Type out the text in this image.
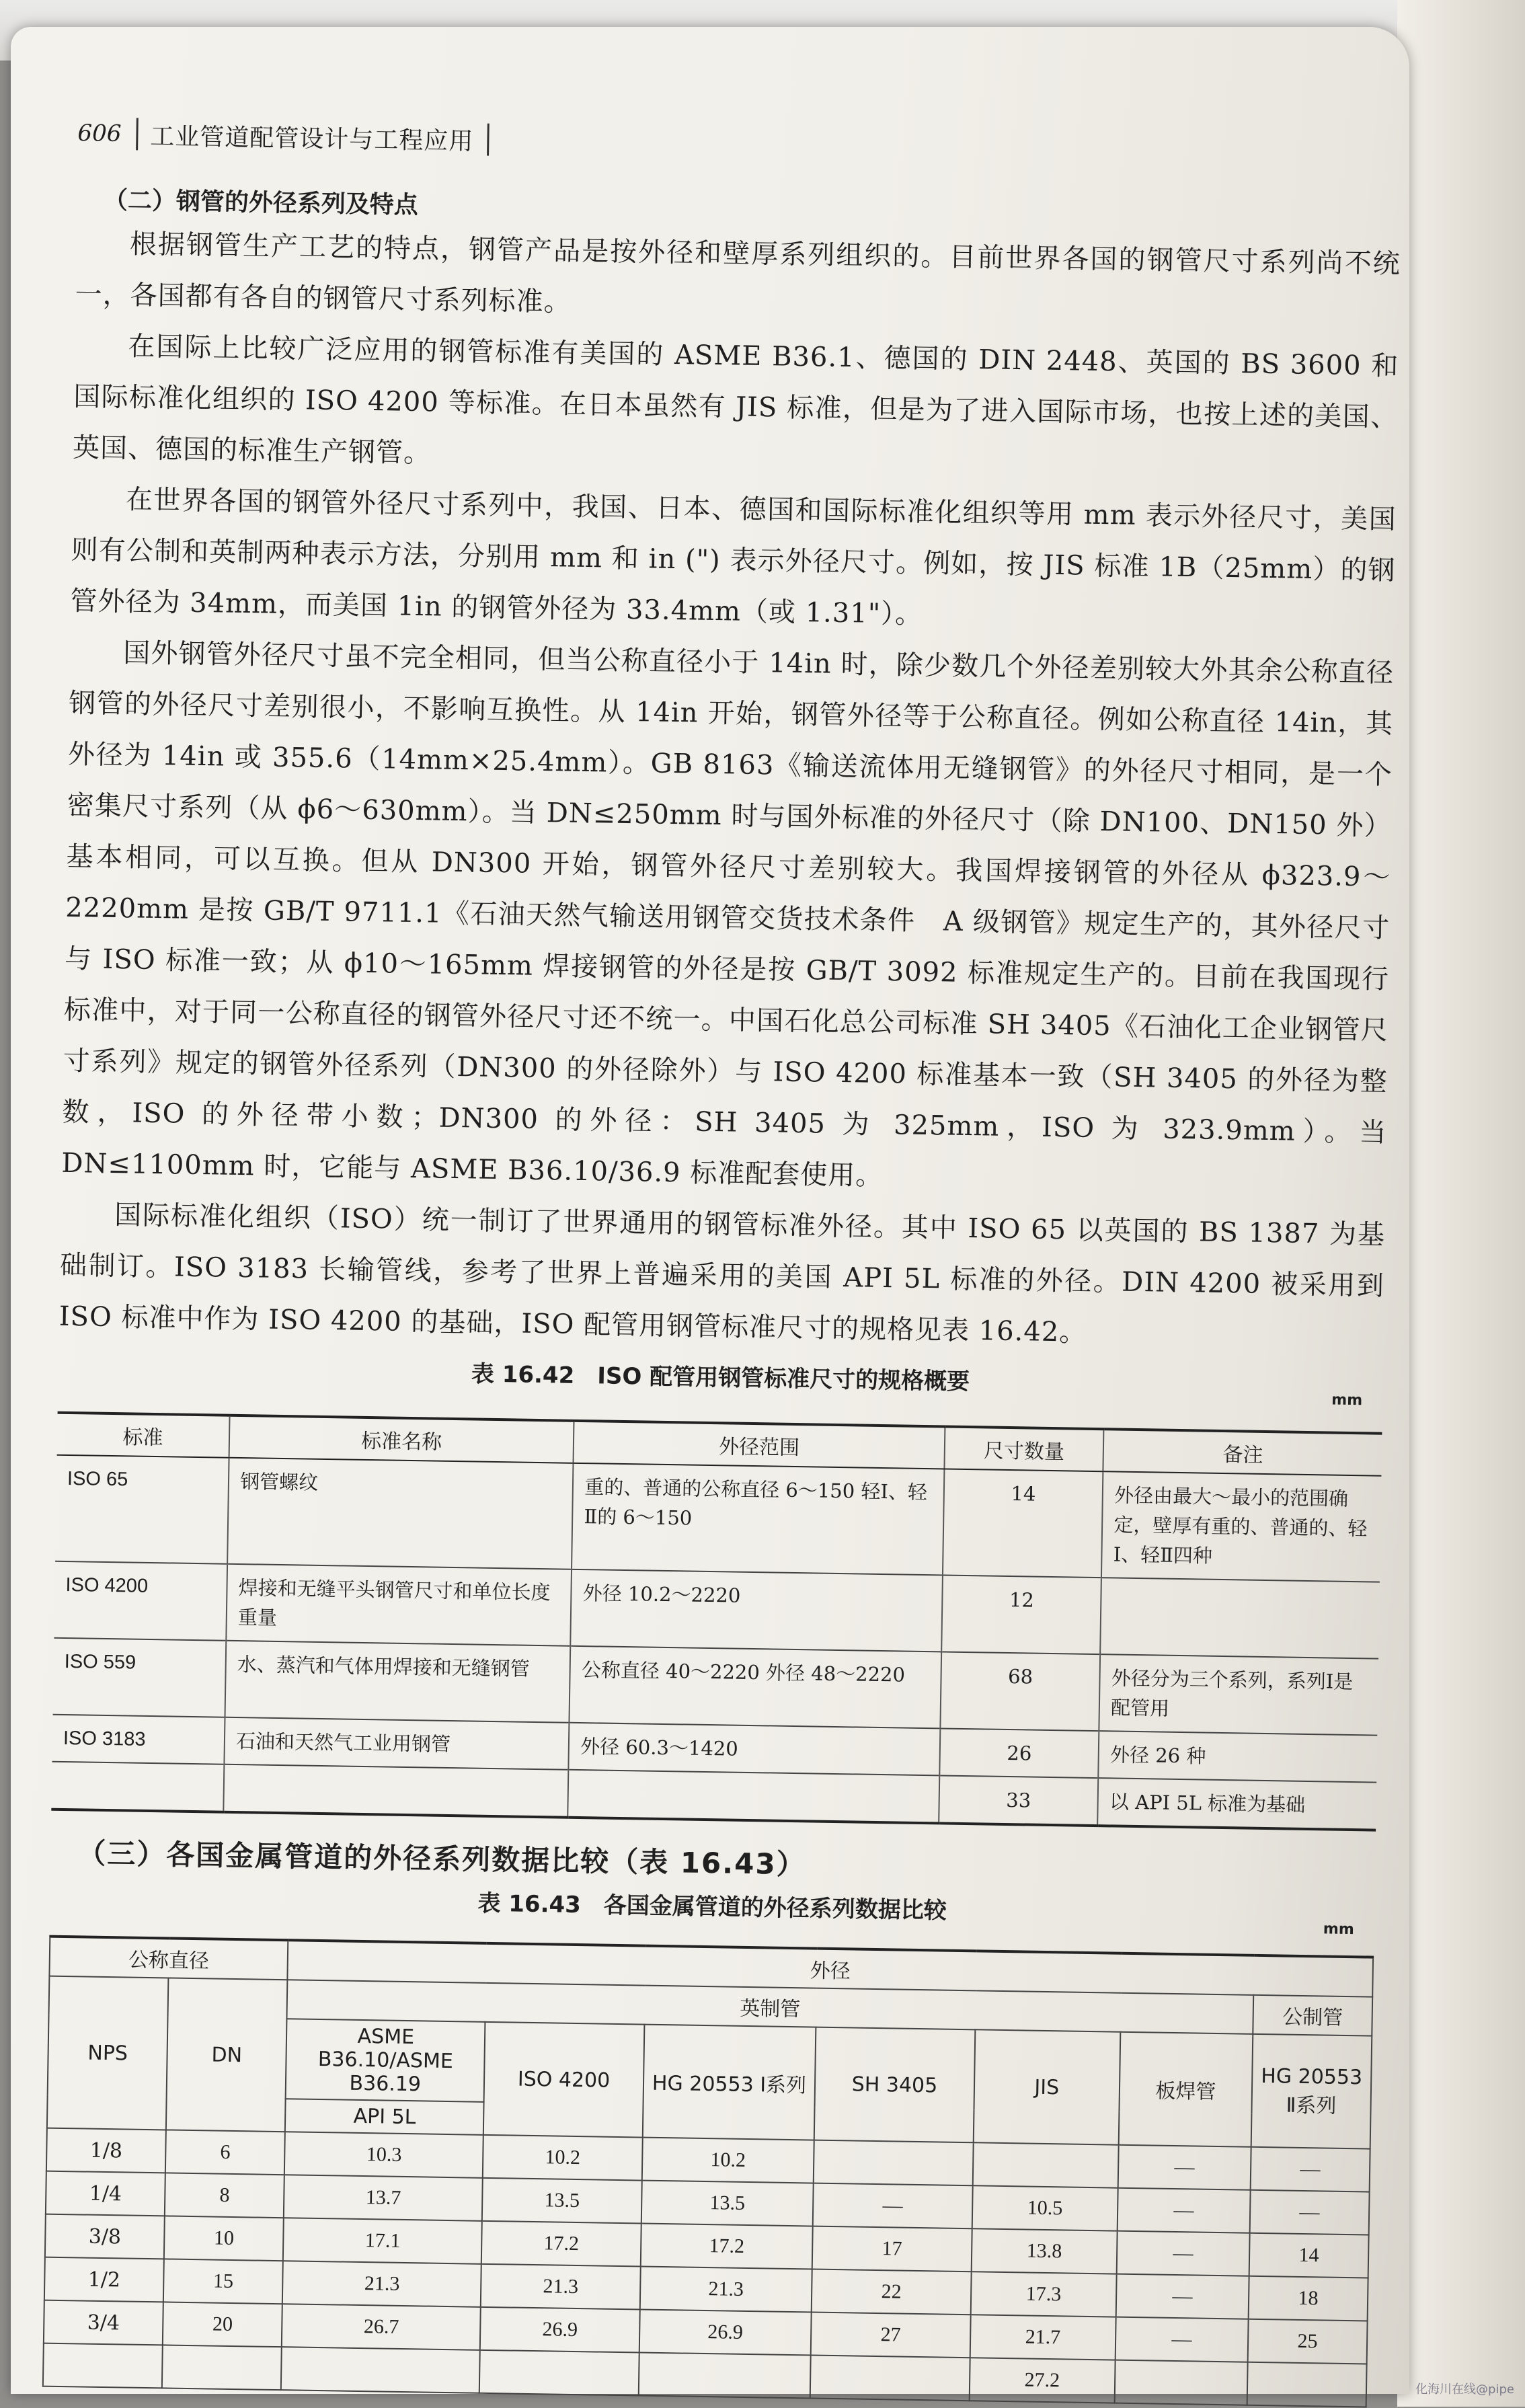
606 工业管道配管设计与工程应用
（二）钢管的外径系列及特点

根据钢管生产工艺的特点，钢管产品是按外径和壁厚系列组织的。目前世界各国的钢管尺寸系列尚不统一，各国都有各自的钢管尺寸系列标准。

在国际上比较广泛应用的钢管标准有美国的 ASME B36.1、德国的 DIN 2448、英国的 BS 3600 和国际标准化组织的 ISO 4200 等标准。在日本虽然有 JIS 标准，但是为了进入国际市场，也按上述的美国、英国、德国的标准生产钢管。

在世界各国的钢管外径尺寸系列中，我国、日本、德国和国际标准化组织等用 mm 表示外径尺寸，美国则有公制和英制两种表示方法，分别用 mm 和 in (") 表示外径尺寸。例如，按 JIS 标准 1B（25mm）的钢管外径为 34mm，而美国 1in 的钢管外径为 33.4mm（或 1.31"）。

国外钢管外径尺寸虽不完全相同，但当公称直径小于 14in 时，除少数几个外径差别较大外其余公称直径钢管的外径尺寸差别很小，不影响互换性。从 14in 开始，钢管外径等于公称直径。例如公称直径 14in，其外径为 14in 或 355.6（14mm×25.4mm）。GB 8163《输送流体用无缝钢管》的外径尺寸相同，是一个密集尺寸系列（从 ϕ6～630mm）。当 DN≤250mm 时与国外标准的外径尺寸（除 DN100、DN150 外）基本相同，可以互换。但从 DN300 开始，钢管外径尺寸差别较大。我国焊接钢管的外径从 ϕ323.9～2220mm 是按 GB/T 9711.1《石油天然气输送用钢管交货技术条件　A 级钢管》规定生产的，其外径尺寸与 ISO 标准一致；从 ϕ10～165mm 焊接钢管的外径是按 GB/T 3092 标准规定生产的。目前在我国现行标准中，对于同一公称直径的钢管外径尺寸还不统一。中国石化总公司标准 SH 3405《石油化工企业钢管尺寸系列》规定的钢管外径系列（DN300 的外径除外）与 ISO 4200 标准基本一致（SH 3405 的外径为整数，ISO 的外径带小数；DN300 的外径：SH 3405 为 325mm，ISO 为 323.9mm）。当 DN≤1100mm 时，它能与 ASME B36.10/36.9 标准配套使用。

国际标准化组织（ISO）统一制订了世界通用的钢管标准外径。其中 ISO 65 以英国的 BS 1387 为基础制订。ISO 3183 长输管线，参考了世界上普遍采用的美国 API 5L 标准的外径。DIN 4200 被采用到 ISO 标准中作为 ISO 4200 的基础，ISO 配管用钢管标准尺寸的规格见表 16.42。

表 16.42　ISO 配管用钢管标准尺寸的规格概要
mm
标准	标准名称	外径范围	尺寸数量	备注
ISO 65	钢管螺纹	重的、普通的公称直径 6～150 轻Ⅰ、轻Ⅱ的 6～150	14	外径由最大～最小的范围确定，壁厚有重的、普通的、轻Ⅰ、轻Ⅱ四种
ISO 4200	焊接和无缝平头钢管尺寸和单位长度重量	外径 10.2～2220	12	
ISO 559	水、蒸汽和气体用焊接和无缝钢管	公称直径 40～2220 外径 48～2220	68	外径分为三个系列，系列Ⅰ是配管用
ISO 3183	石油和天然气工业用钢管	外径 60.3～1420	26	外径 26 种
			33	以 API 5L 标准为基础
（三）各国金属管道的外径系列数据比较（表 16.43）
表 16.43　各国金属管道的外径系列数据比较
mm
公称直径		外径						
NPS	DN	英制管						公制管
		ASME B36.10/ASME B36.19	ISO 4200	HG 20553 Ⅰ系列	SH 3405	JIS	板焊管	HG 20553 Ⅱ系列
		API 5L						
1/8	6	10.3	10.2	10.2			—	—
1/4	8	13.7	13.5	13.5	—	10.5	—	—
3/8	10	17.1	17.2	17.2	17	13.8	—	14
1/2	15	21.3	21.3	21.3	22	17.3	—	18
3/4	20	26.7	26.9	26.9	27	21.7	—	25
						27.2			化海川在线@pipe
